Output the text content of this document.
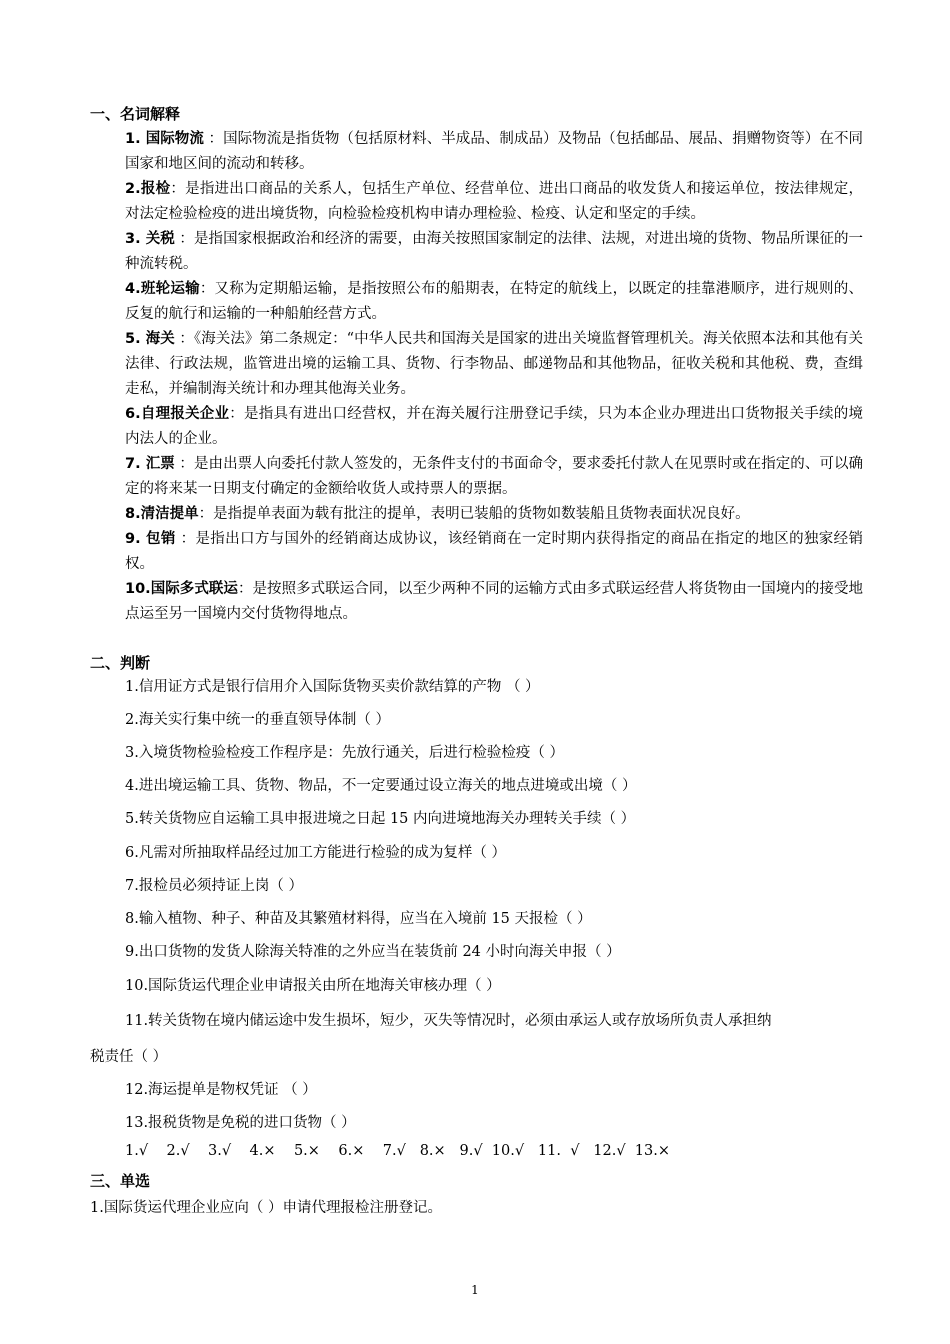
一、名词解释
1. 国际物流 ：国际物流是指货物（包括原材料、半成品、制成品）及物品（包括邮品、展品、捐赠物资等）在不同国家和地区间的流动和转移。
2.报检：是指进出口商品的关系人，包括生产单位、经营单位、进出口商品的收发货人和接运单位，按法律规定，对法定检验检疫的进出境货物，向检验检疫机构申请办理检验、检疫、认定和坚定的手续。
3. 关税 ：是指国家根据政治和经济的需要，由海关按照国家制定的法律、法规，对进出境的货物、物品所课征的一种流转税。
4.班轮运输：又称为定期船运输，是指按照公布的船期表，在特定的航线上，以既定的挂靠港顺序，进行规则的、反复的航行和运输的一种船舶经营方式。
5. 海关 ：《海关法》第二条规定：“中华人民共和国海关是国家的进出关境监督管理机关。海关依照本法和其他有关法律、行政法规，监管进出境的运输工具、货物、行李物品、邮递物品和其他物品，征收关税和其他税、费，查缉走私，并编制海关统计和办理其他海关业务。
6.自理报关企业：是指具有进出口经营权，并在海关履行注册登记手续，只为本企业办理进出口货物报关手续的境内法人的企业。
7. 汇票 ：是由出票人向委托付款人签发的，无条件支付的书面命令，要求委托付款人在见票时或在指定的、可以确定的将来某一日期支付确定的金额给收货人或持票人的票据。
8.清洁提单：是指提单表面为载有批注的提单，表明已装船的货物如数装船且货物表面状况良好。
9. 包销 ：是指出口方与国外的经销商达成协议，该经销商在一定时期内获得指定的商品在指定的地区的独家经销权。
10.国际多式联运：是按照多式联运合同，以至少两种不同的运输方式由多式联运经营人将货物由一国境内的接受地点运至另一国境内交付货物得地点。
二、判断
1.信用证方式是银行信用介入国际货物买卖价款结算的产物 （ ）
2.海关实行集中统一的垂直领导体制（ ）
3.入境货物检验检疫工作程序是：先放行通关，后进行检验检疫（ ）
4.进出境运输工具、货物、物品，不一定要通过设立海关的地点进境或出境（ ）
5.转关货物应自运输工具申报进境之日起 15 内向进境地海关办理转关手续（ ）
6.凡需对所抽取样品经过加工方能进行检验的成为复样（ ）
7.报检员必须持证上岗（ ）
8.输入植物、种子、种苗及其繁殖材料得，应当在入境前 15 天报检（ ）
9.出口货物的发货人除海关特准的之外应当在装货前 24 小时向海关申报（ ）
10.国际货运代理企业申请报关由所在地海关审核办理（ ）
11.转关货物在境内储运途中发生损坏，短少，灭失等情况时，必须由承运人或存放场所负责人承担纳
12.海运提单是物权凭证 （ ）
13.报税货物是免税的进口货物（ ）
税责任（ ）
1.√    2.√    3.√    4.×    5.×    6.×    7.√   8.×   9.√  10.√   11.  √   12.√  13.×
三、单选
1.国际货运代理企业应向（ ）申请代理报检注册登记。
1
